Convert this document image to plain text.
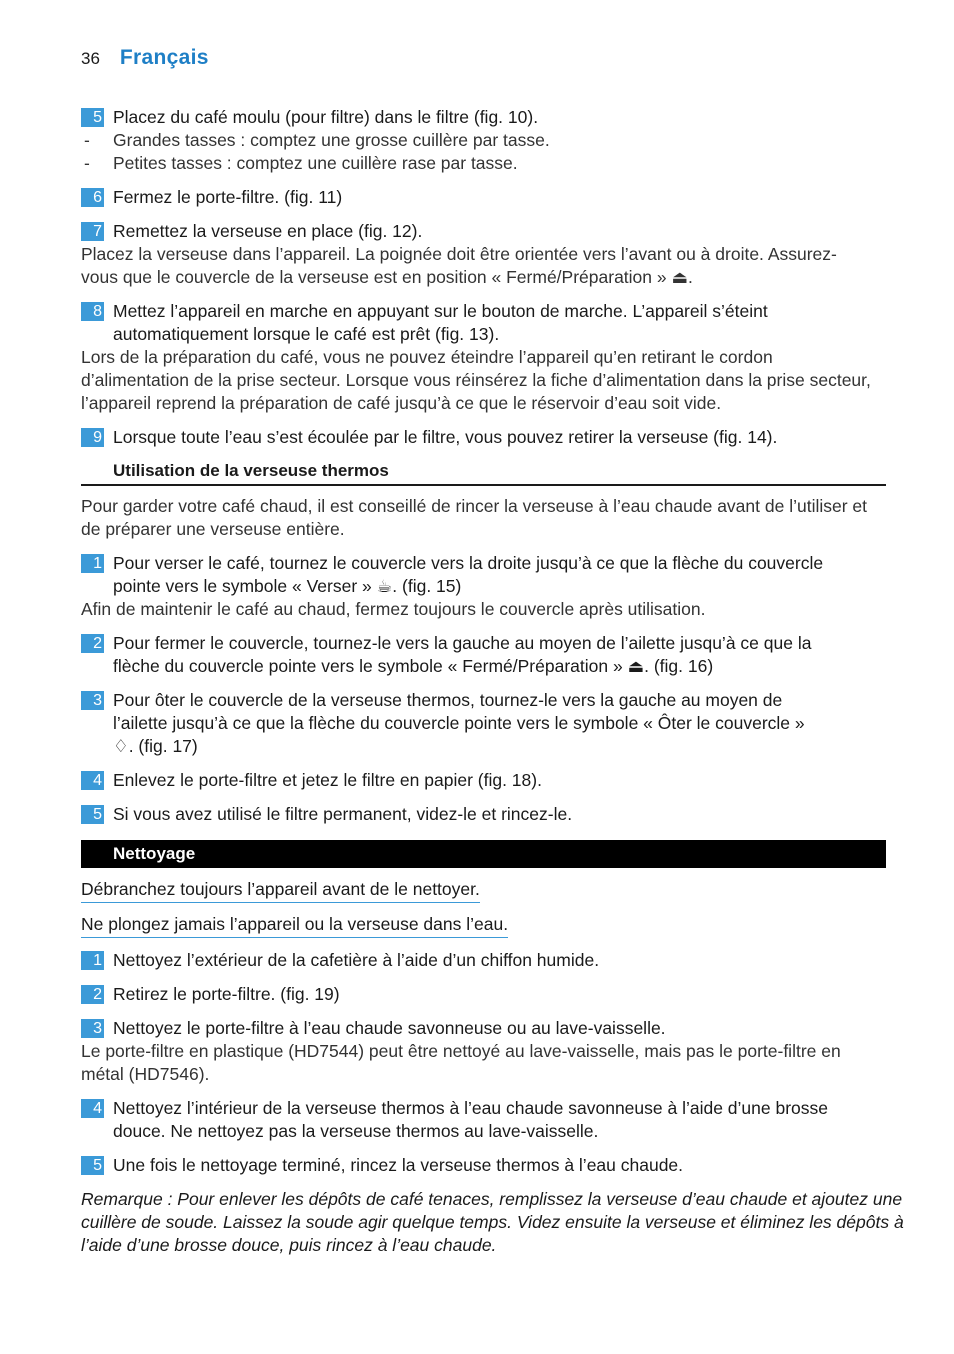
36 Français
5 Placez du café moulu (pour filtre) dans le filtre (fig. 10).
- Grandes tasses : comptez une grosse cuillère par tasse.
- Petites tasses : comptez une cuillère rase par tasse.
6 Fermez le porte-filtre. (fig. 11)
7 Remettez la verseuse en place (fig. 12).
Placez la verseuse dans l’appareil. La poignée doit être orientée vers l’avant ou à droite. Assurez-
vous que le couvercle de la verseuse est en position « Fermé/Préparation » ⏏.
8 Mettez l’appareil en marche en appuyant sur le bouton de marche. L’appareil s’éteint
automatiquement lorsque le café est prêt (fig. 13).
Lors de la préparation du café, vous ne pouvez éteindre l’appareil qu’en retirant le cordon
d’alimentation de la prise secteur. Lorsque vous réinsérez la fiche d’alimentation dans la prise secteur,
l’appareil reprend la préparation de café jusqu’à ce que le réservoir d’eau soit vide.
9 Lorsque toute l’eau s’est écoulée par le filtre, vous pouvez retirer la verseuse (fig. 14).
Utilisation de la verseuse thermos
Pour garder votre café chaud, il est conseillé de rincer la verseuse à l’eau chaude avant de l’utiliser et
de préparer une verseuse entière.
1 Pour verser le café, tournez le couvercle vers la droite jusqu’à ce que la flèche du couvercle
pointe vers le symbole « Verser » ☕. (fig. 15)
Afin de maintenir le café au chaud, fermez toujours le couvercle après utilisation.
2 Pour fermer le couvercle, tournez-le vers la gauche au moyen de l’ailette jusqu’à ce que la
flèche du couvercle pointe vers le symbole « Fermé/Préparation » ⏏. (fig. 16)
3 Pour ôter le couvercle de la verseuse thermos, tournez-le vers la gauche au moyen de
l’ailette jusqu’à ce que la flèche du couvercle pointe vers le symbole « Ôter le couvercle »
♢. (fig. 17)
4 Enlevez le porte-filtre et jetez le filtre en papier (fig. 18).
5 Si vous avez utilisé le filtre permanent, videz-le et rincez-le.
Nettoyage
Débranchez toujours l’appareil avant de le nettoyer.
Ne plongez jamais l’appareil ou la verseuse dans l’eau.
1 Nettoyez l’extérieur de la cafetière à l’aide d’un chiffon humide.
2 Retirez le porte-filtre. (fig. 19)
3 Nettoyez le porte-filtre à l’eau chaude savonneuse ou au lave-vaisselle.
Le porte-filtre en plastique (HD7544) peut être nettoyé au lave-vaisselle, mais pas le porte-filtre en
métal (HD7546).
4 Nettoyez l’intérieur de la verseuse thermos à l’eau chaude savonneuse à l’aide d’une brosse
douce. Ne nettoyez pas la verseuse thermos au lave-vaisselle.
5 Une fois le nettoyage terminé, rincez la verseuse thermos à l’eau chaude.
Remarque : Pour enlever les dépôts de café tenaces, remplissez la verseuse d’eau chaude et ajoutez une
cuillère de soude. Laissez la soude agir quelque temps. Videz ensuite la verseuse et éliminez les dépôts à
l’aide d’une brosse douce, puis rincez à l’eau chaude.
